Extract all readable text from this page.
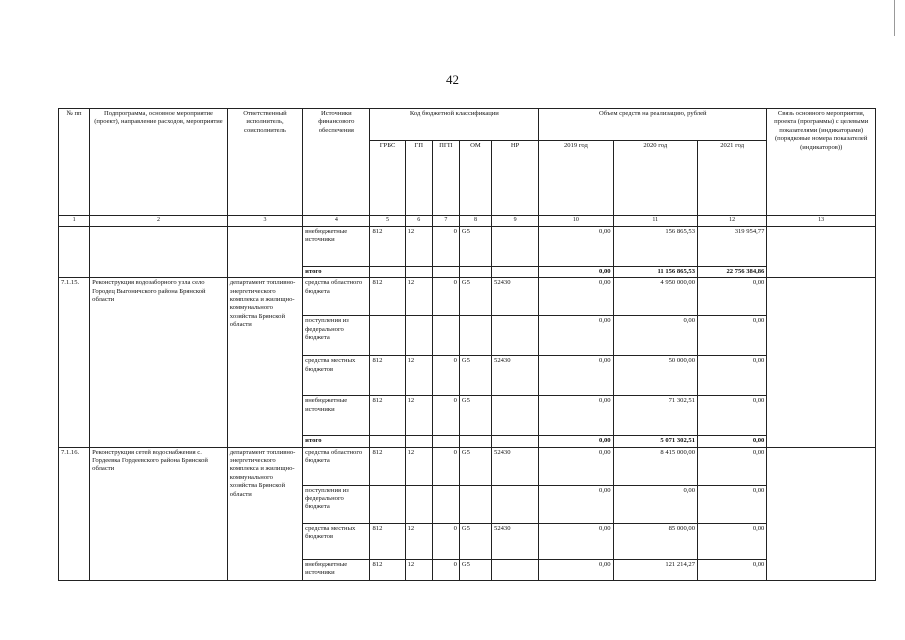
42
№ пп	Подпрограмма, основное мероприятие (проект), направление расходов, мероприятие	Ответственный исполнитель, соисполнитель	Источники финансового обеспечения	Код бюджетной классификации					Объем средств на реализацию, рублей			Связь основного мероприятия, проекта (программы) с целевыми показателями (индикаторами) (порядковые номера показателей (индикаторов))
				ГРБС	ГП	ПГП	ОМ	НР	2019 год	2020 год	2021 год	
1	2	3	4	5	6	7	8	9	10	11	12	13
			внебюджетные источники	812	12	0	G5		0,00	156 865,53	319 954,77	
			итого						0,00	11 156 865,53	22 756 384,86	
7.1.15.	Реконструкция водозаборного узла село Городец Выгоничского района Брянской области	департамент топливно-энергетического комплекса и жилищно-коммунального хозяйства Брянской области	средства областного бюджета	812	12	0	G5	52430	0,00	4 950 000,00	0,00	
			поступления из федерального бюджета						0,00	0,00	0,00	
			средства местных бюджетов	812	12	0	G5	52430	0,00	50 000,00	0,00	
			внебюджетные источники	812	12	0	G5		0,00	71 302,51	0,00	
			итого						0,00	5 071 302,51	0,00	
7.1.16.	Реконструкция сетей водоснабжения с. Гордеевка Гордеевского района Брянской области	департамент топливно-энергетического комплекса и жилищно-коммунального хозяйства Брянской области	средства областного бюджета	812	12	0	G5	52430	0,00	8 415 000,00	0,00	
			поступления из федерального бюджета						0,00	0,00	0,00	
			средства местных бюджетов	812	12	0	G5	52430	0,00	85 000,00	0,00	
			внебюджетные источники	812	12	0	G5		0,00	121 214,27	0,00	
